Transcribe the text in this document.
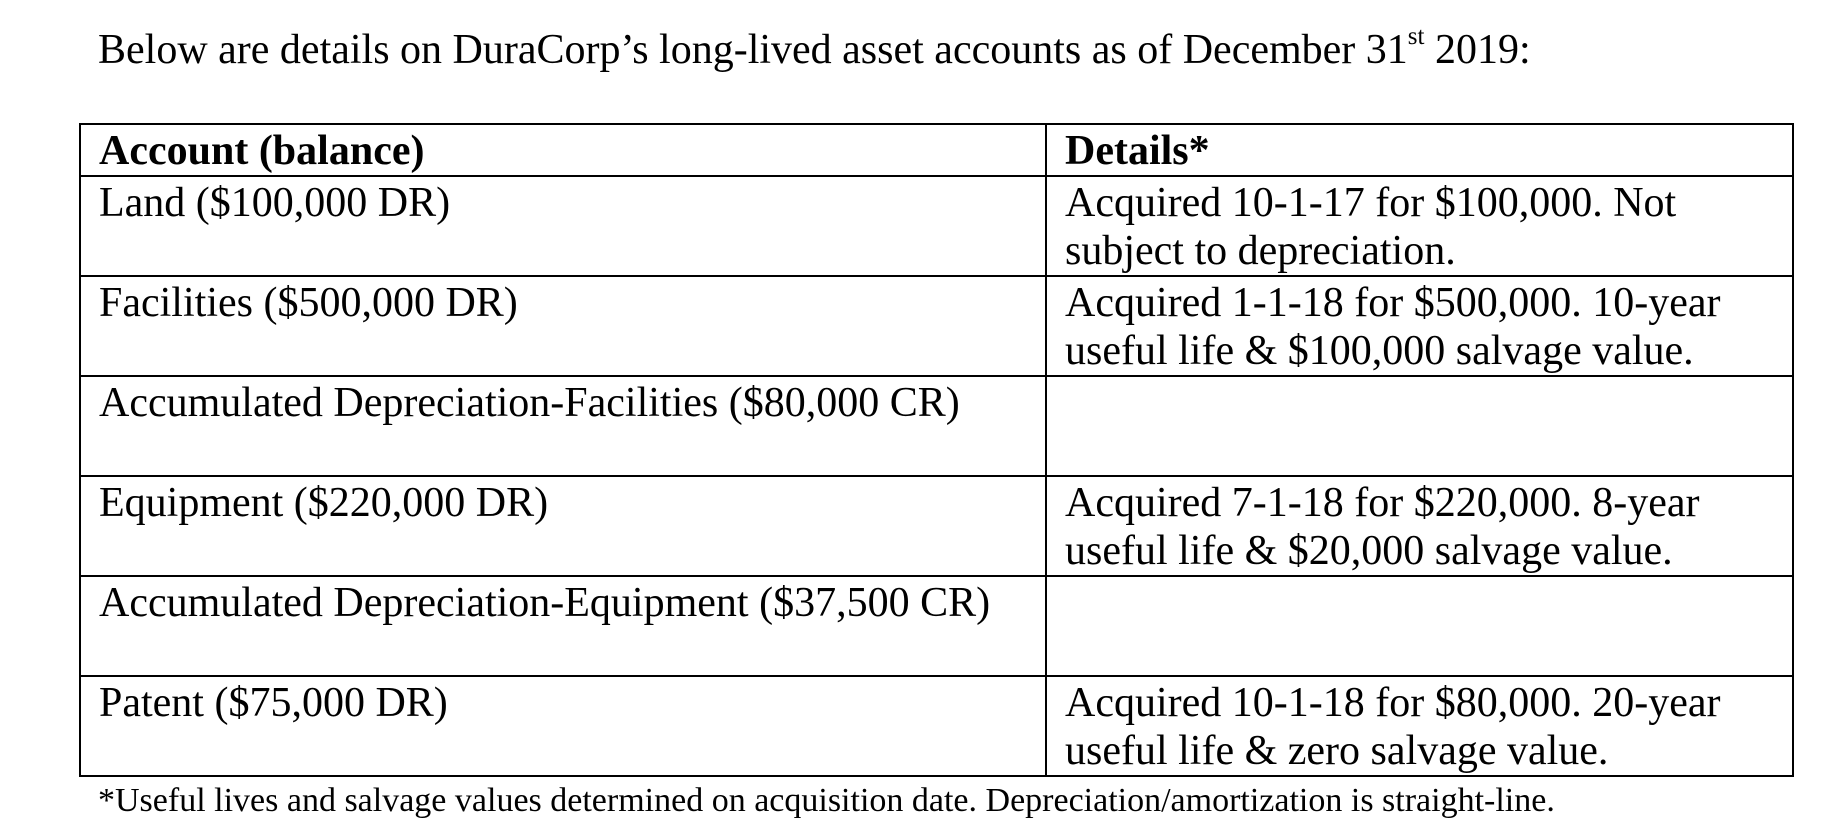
Below are details on DuraCorp’s long-lived asset accounts as of December 31st 2019:
Account (balance)	Details*
Land ($100,000 DR)	Acquired 10-1-17 for $100,000. Not subject to depreciation.
Facilities ($500,000 DR)	Acquired 1-1-18 for $500,000. 10-year useful life & $100,000 salvage value.
Accumulated Depreciation-Facilities ($80,000 CR)	
Equipment ($220,000 DR)	Acquired 7-1-18 for $220,000. 8-year useful life & $20,000 salvage value.
Accumulated Depreciation-Equipment ($37,500 CR)	
Patent ($75,000 DR)	Acquired 10-1-18 for $80,000. 20-year useful life & zero salvage value.
*Useful lives and salvage values determined on acquisition date. Depreciation/amortization is straight-line.
